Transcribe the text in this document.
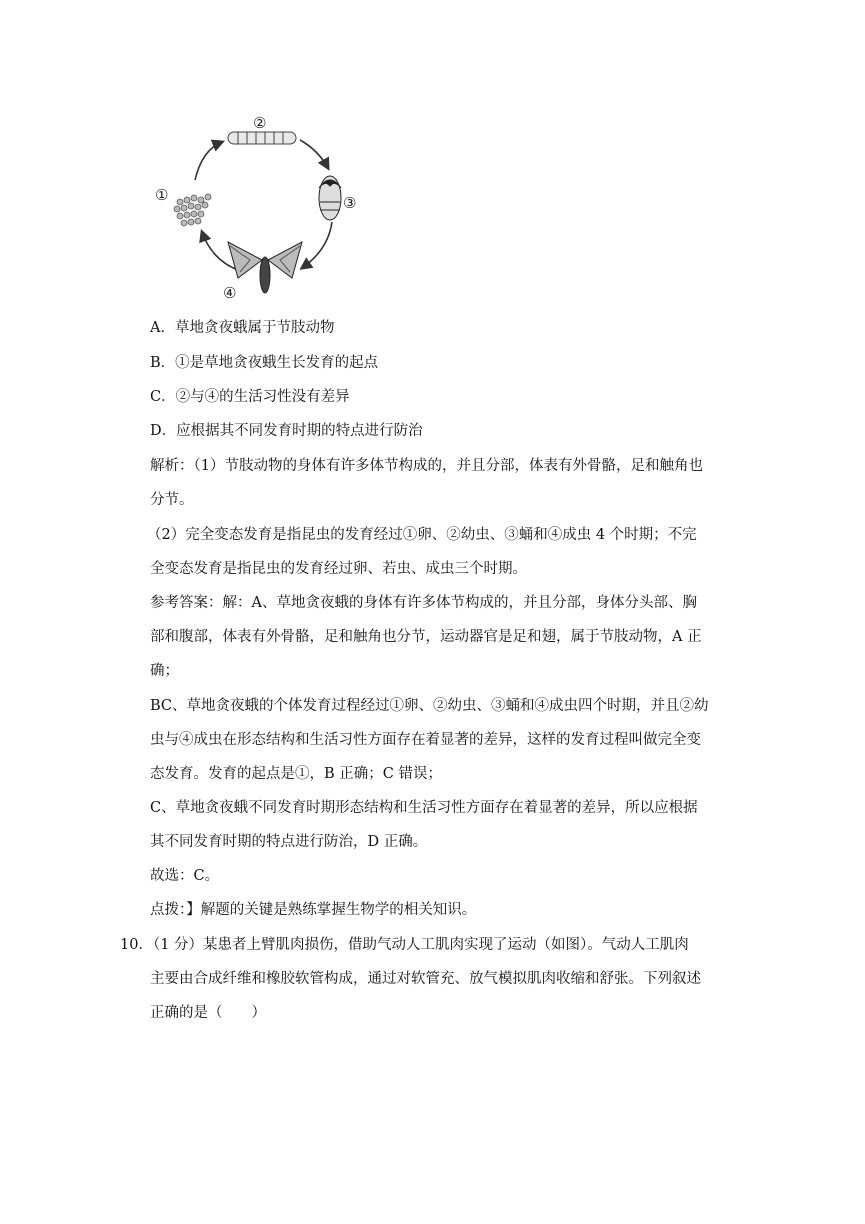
①
②
③
④
A．草地贪夜蛾属于节肢动物
B．①是草地贪夜蛾生长发育的起点
C．②与④的生活习性没有差异
D．应根据其不同发育时期的特点进行防治
解析：（1）节肢动物的身体有许多体节构成的，并且分部，体表有外骨骼，足和触角也
分节。
（2）完全变态发育是指昆虫的发育经过①卵、②幼虫、③蛹和④成虫 4 个时期；不完
全变态发育是指昆虫的发育经过卵、若虫、成虫三个时期。
参考答案：解：A、草地贪夜蛾的身体有许多体节构成的，并且分部，身体分头部、胸
部和腹部，体表有外骨骼，足和触角也分节，运动器官是足和翅，属于节肢动物，A 正
确；
BC、草地贪夜蛾的个体发育过程经过①卵、②幼虫、③蛹和④成虫四个时期，并且②幼
虫与④成虫在形态结构和生活习性方面存在着显著的差异，这样的发育过程叫做完全变
态发育。发育的起点是①，B 正确；C 错误；
C、草地贪夜蛾不同发育时期形态结构和生活习性方面存在着显著的差异，所以应根据
其不同发育时期的特点进行防治，D 正确。
故选：C。
点拨：】解题的关键是熟练掌握生物学的相关知识。
10．（1 分）某患者上臂肌肉损伤，借助气动人工肌肉实现了运动（如图）。气动人工肌肉
主要由合成纤维和橡胶软管构成，通过对软管充、放气模拟肌肉收缩和舒张。下列叙述
正确的是（　　）
